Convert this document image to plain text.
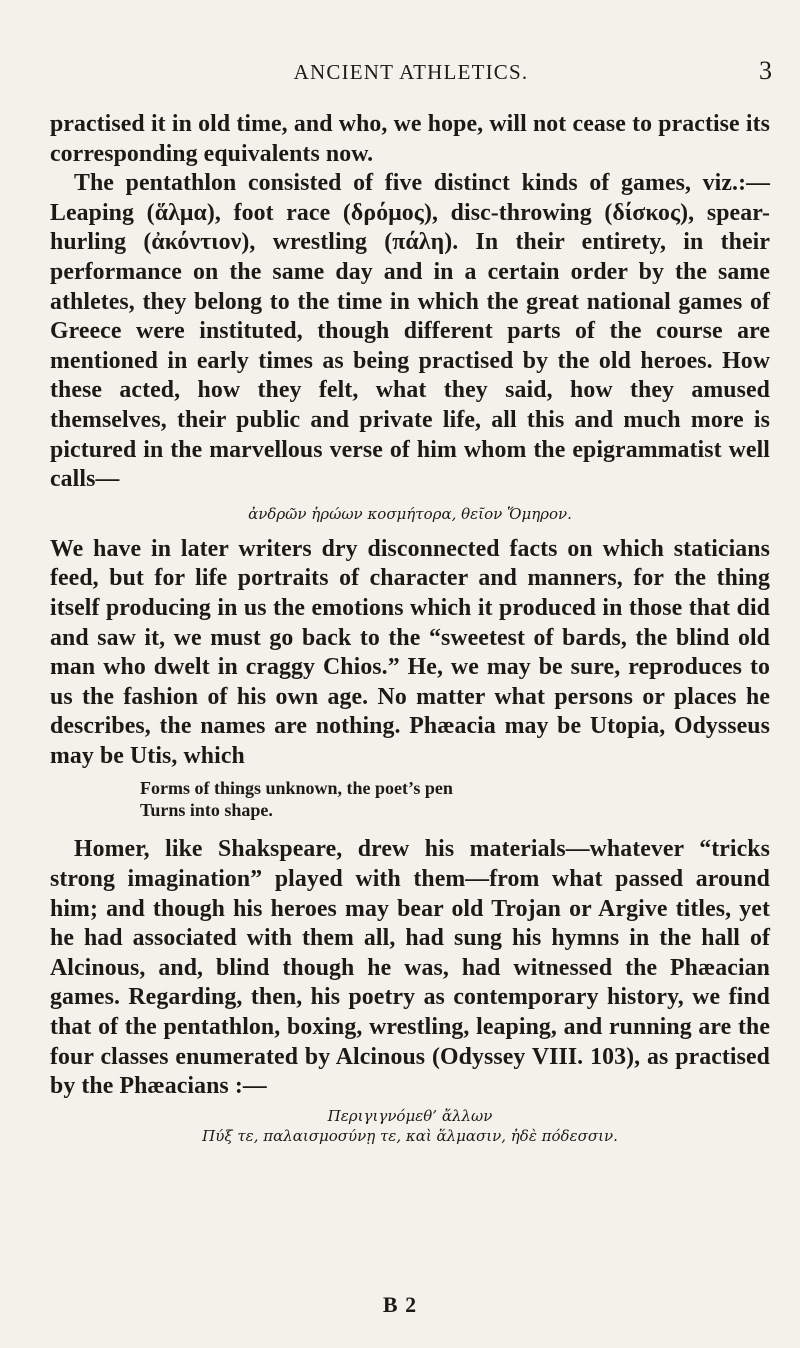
ANCIENT ATHLETICS.	3

practised it in old time, and who, we hope, will not cease to practise its corresponding equivalents now.

The pentathlon consisted of five distinct kinds of games, viz.:—Leaping (ἅλμα), foot race (δρόμος), disc-throwing (δίσκος), spear-hurling (ἀκόντιον), wrestling (πάλη). In their entirety, in their performance on the same day and in a certain order by the same athletes, they belong to the time in which the great national games of Greece were instituted, though different parts of the course are mentioned in early times as being practised by the old heroes. How these acted, how they felt, what they said, how they amused themselves, their public and private life, all this and much more is pictured in the marvellous verse of him whom the epigrammatist well calls—

ἀνδρῶν ἡρώων κοσμήτορα, θεῖον Ὅμηρον.

We have in later writers dry disconnected facts on which staticians feed, but for life portraits of character and manners, for the thing itself producing in us the emotions which it produced in those that did and saw it, we must go back to the “sweetest of bards, the blind old man who dwelt in craggy Chios.” He, we may be sure, reproduces to us the fashion of his own age. No matter what persons or places he describes, the names are nothing. Phæacia may be Utopia, Odysseus may be Utis, which

Forms of things unknown, the poet’s pen
Turns into shape.

Homer, like Shakspeare, drew his materials—whatever “tricks strong imagination” played with them—from what passed around him; and though his heroes may bear old Trojan or Argive titles, yet he had associated with them all, had sung his hymns in the hall of Alcinous, and, blind though he was, had witnessed the Phæacian games. Regarding, then, his poetry as contemporary history, we find that of the pentathlon, boxing, wrestling, leaping, and running are the four classes enumerated by Alcinous (Odyssey VIII. 103), as practised by the Phæacians :—

Περιγιγνόμεθ’ ἄλλων
Πύξ τε, παλαισμοσύνῃ τε, καὶ ἅλμασιν, ἠδὲ πόδεσσιν.
B 2
